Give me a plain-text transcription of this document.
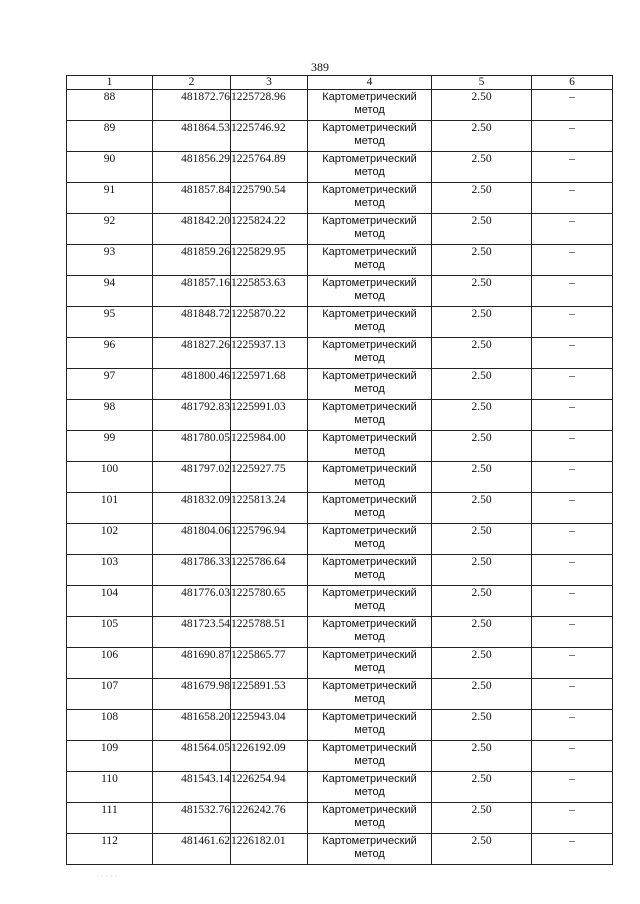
389
1	2	3	4	5	6
88	481872.76	1225728.96	Картометрический
метод	2.50	–
89	481864.53	1225746.92	Картометрический
метод	2.50	–
90	481856.29	1225764.89	Картометрический
метод	2.50	–
91	481857.84	1225790.54	Картометрический
метод	2.50	–
92	481842.20	1225824.22	Картометрический
метод	2.50	–
93	481859.26	1225829.95	Картометрический
метод	2.50	–
94	481857.16	1225853.63	Картометрический
метод	2.50	–
95	481848.72	1225870.22	Картометрический
метод	2.50	–
96	481827.26	1225937.13	Картометрический
метод	2.50	–
97	481800.46	1225971.68	Картометрический
метод	2.50	–
98	481792.83	1225991.03	Картометрический
метод	2.50	–
99	481780.05	1225984.00	Картометрический
метод	2.50	–
100	481797.02	1225927.75	Картометрический
метод	2.50	–
101	481832.09	1225813.24	Картометрический
метод	2.50	–
102	481804.06	1225796.94	Картометрический
метод	2.50	–
103	481786.33	1225786.64	Картометрический
метод	2.50	–
104	481776.03	1225780.65	Картометрический
метод	2.50	–
105	481723.54	1225788.51	Картометрический
метод	2.50	–
106	481690.87	1225865.77	Картометрический
метод	2.50	–
107	481679.98	1225891.53	Картометрический
метод	2.50	–
108	481658.20	1225943.04	Картометрический
метод	2.50	–
109	481564.05	1226192.09	Картометрический
метод	2.50	–
110	481543.14	1226254.94	Картометрический
метод	2.50	–
111	481532.76	1226242.76	Картометрический
метод	2.50	–
112	481461.62	1226182.01	Картометрический
метод	2.50	–
· · · · ·
